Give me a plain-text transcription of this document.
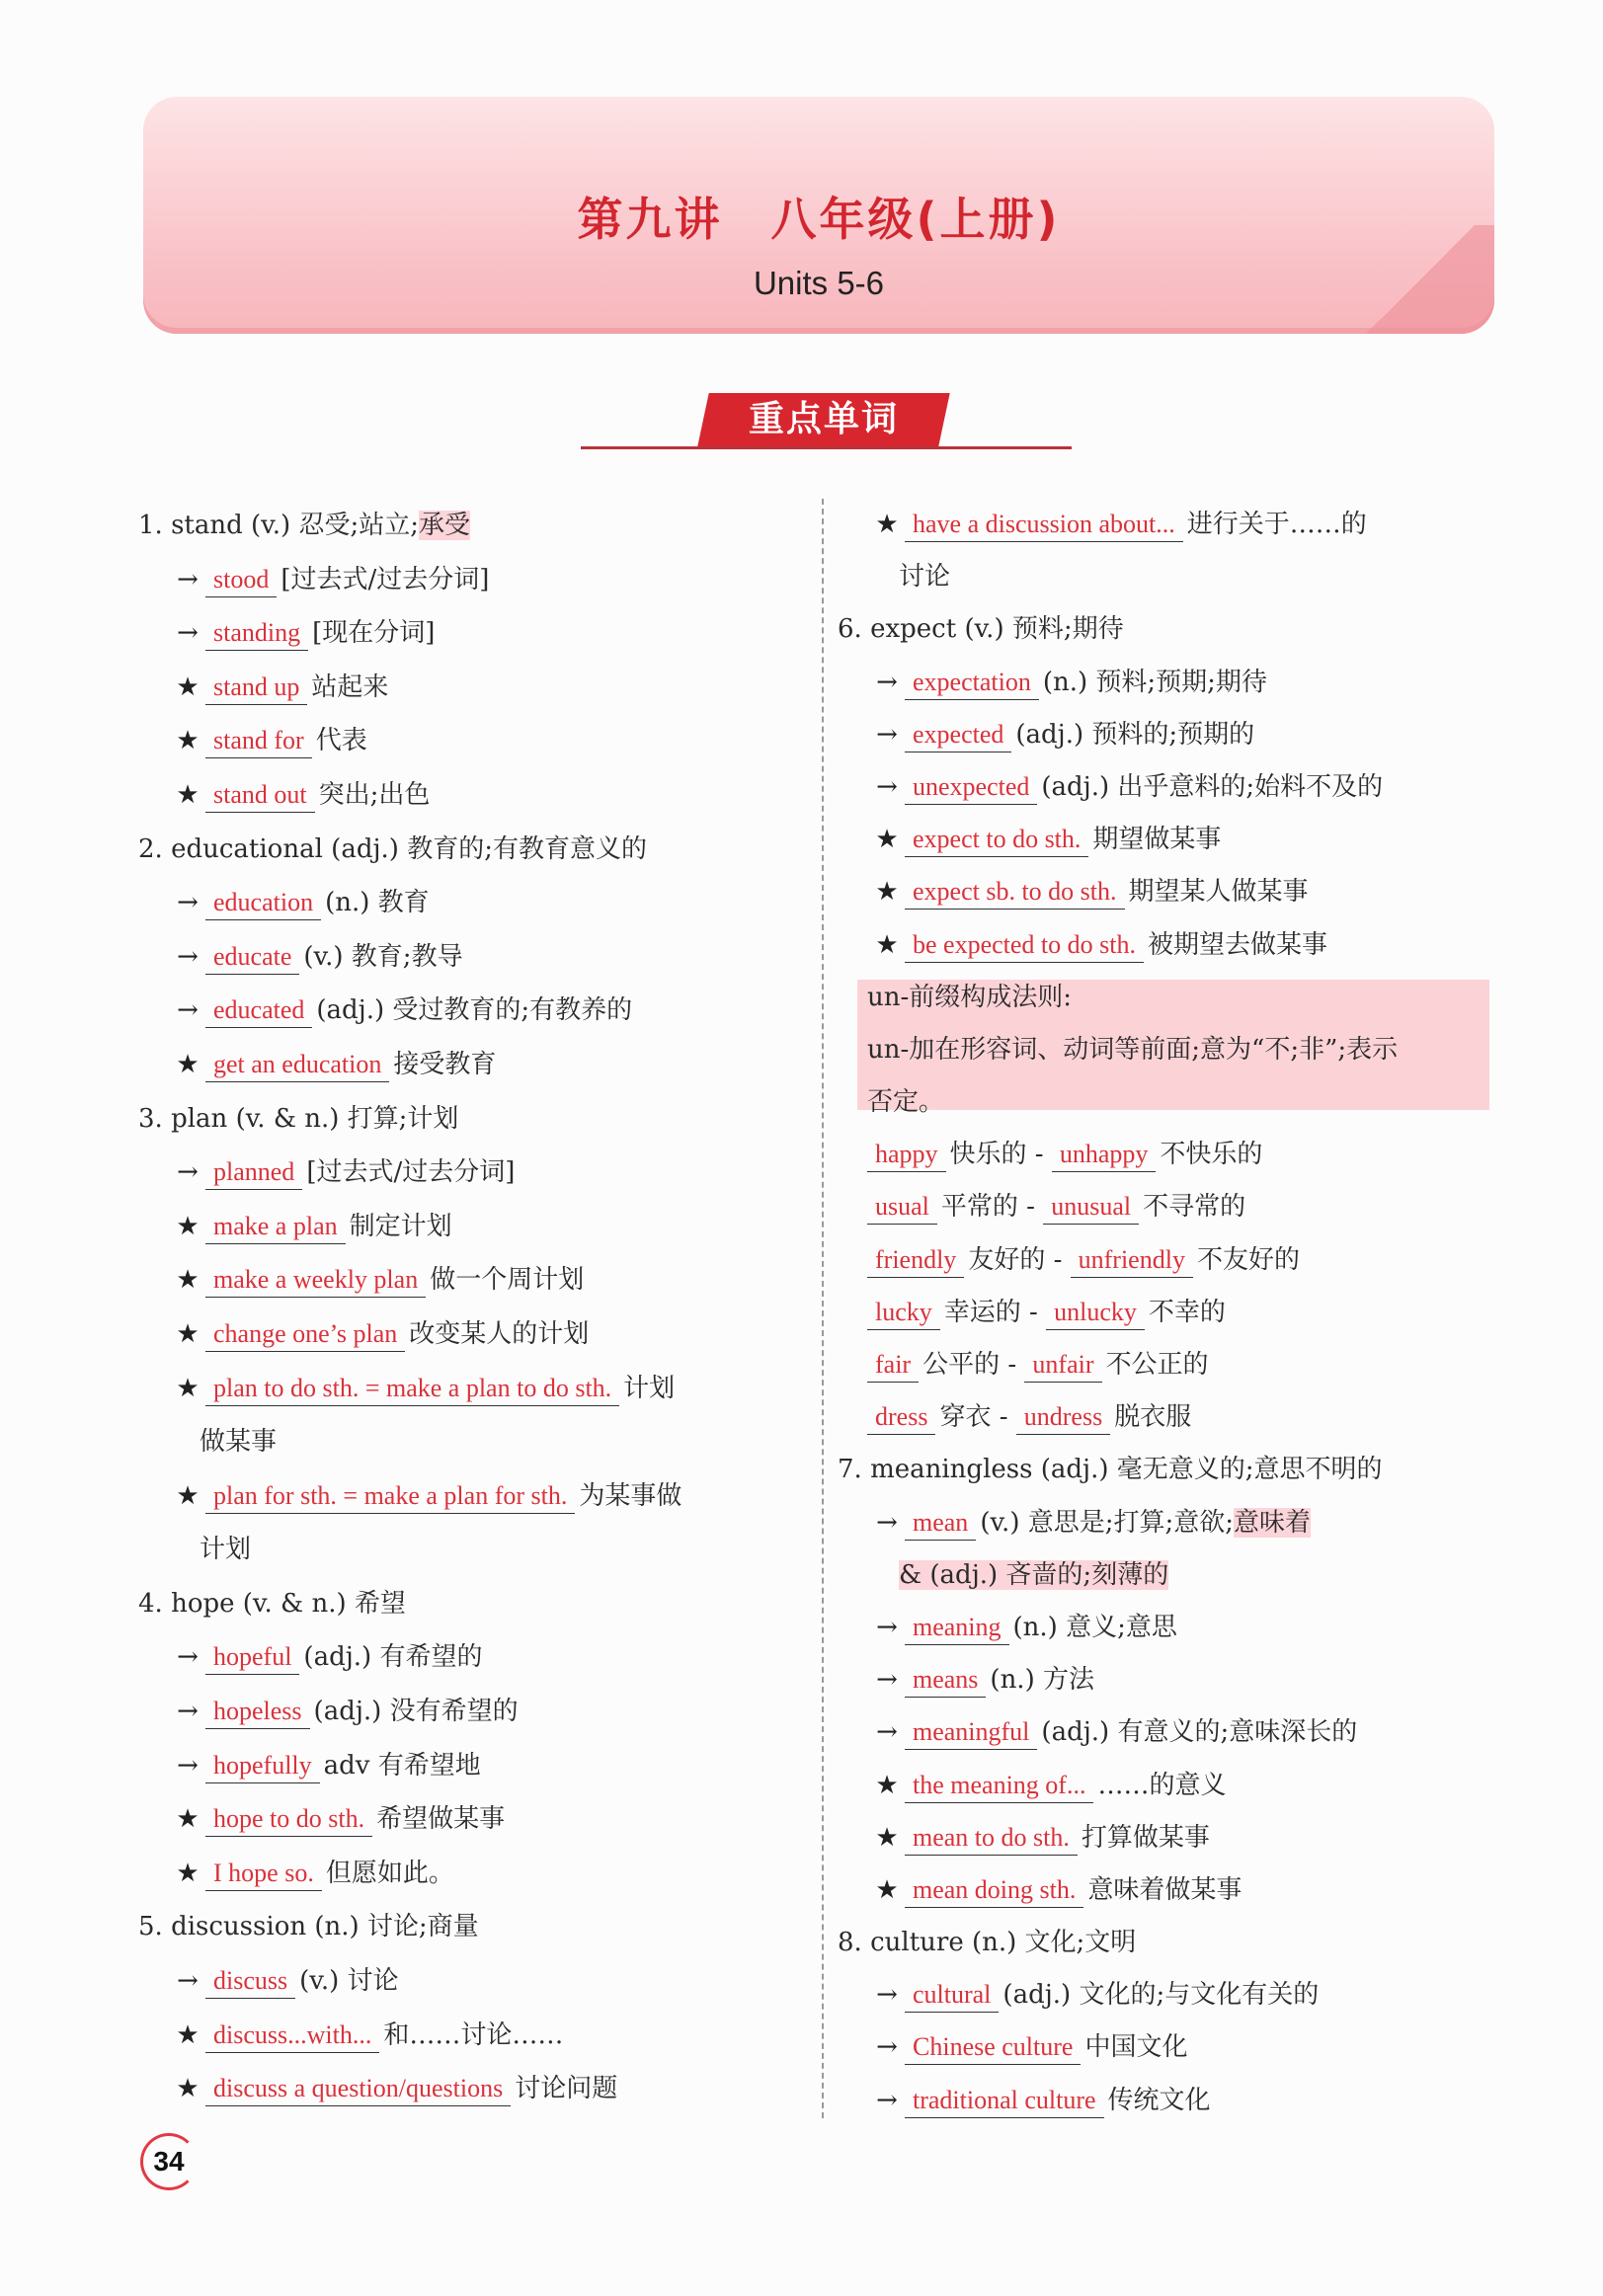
第九讲　八年级(上册)
Units 5-6
重点单词
1. stand (v.) 忍受;站立;承受
→ stood [过去式/过去分词]
→ standing [现在分词]
★ stand up 站起来
★ stand for 代表
★ stand out 突出;出色
2. educational (adj.) 教育的;有教育意义的
→ education (n.) 教育
→ educate (v.) 教育;教导
→ educated (adj.) 受过教育的;有教养的
★ get an education 接受教育
3. plan (v. & n.) 打算;计划
→ planned [过去式/过去分词]
★ make a plan 制定计划
★ make a weekly plan 做一个周计划
★ change one’s plan 改变某人的计划
★ plan to do sth. = make a plan to do sth. 计划
做某事
★ plan for sth. = make a plan for sth. 为某事做
计划
4. hope (v. & n.) 希望
→ hopeful (adj.) 有希望的
→ hopeless (adj.) 没有希望的
→ hopefully adv 有希望地
★ hope to do sth. 希望做某事
★ I hope so. 但愿如此。
5. discussion (n.) 讨论;商量
→ discuss (v.) 讨论
★ discuss...with... 和……讨论……
★ discuss a question/questions 讨论问题
★ have a discussion about... 进行关于……的
讨论
6. expect (v.) 预料;期待
→ expectation (n.) 预料;预期;期待
→ expected (adj.) 预料的;预期的
→ unexpected (adj.) 出乎意料的;始料不及的
★ expect to do sth. 期望做某事
★ expect sb. to do sth. 期望某人做某事
★ be expected to do sth. 被期望去做某事
un-前缀构成法则:
un-加在形容词、动词等前面;意为“不;非”;表示
否定。
happy 快乐的 - unhappy 不快乐的
usual 平常的 - unusual 不寻常的
friendly 友好的 - unfriendly 不友好的
lucky 幸运的 - unlucky 不幸的
fair 公平的 - unfair 不公正的
dress 穿衣 - undress 脱衣服
7. meaningless (adj.) 毫无意义的;意思不明的
→ mean (v.) 意思是;打算;意欲;意味着
& (adj.) 吝啬的;刻薄的
→ meaning (n.) 意义;意思
→ means (n.) 方法
→ meaningful (adj.) 有意义的;意味深长的
★ the meaning of... ……的意义
★ mean to do sth. 打算做某事
★ mean doing sth. 意味着做某事
8. culture (n.) 文化;文明
→ cultural (adj.) 文化的;与文化有关的
→ Chinese culture 中国文化
→ traditional culture 传统文化
34
